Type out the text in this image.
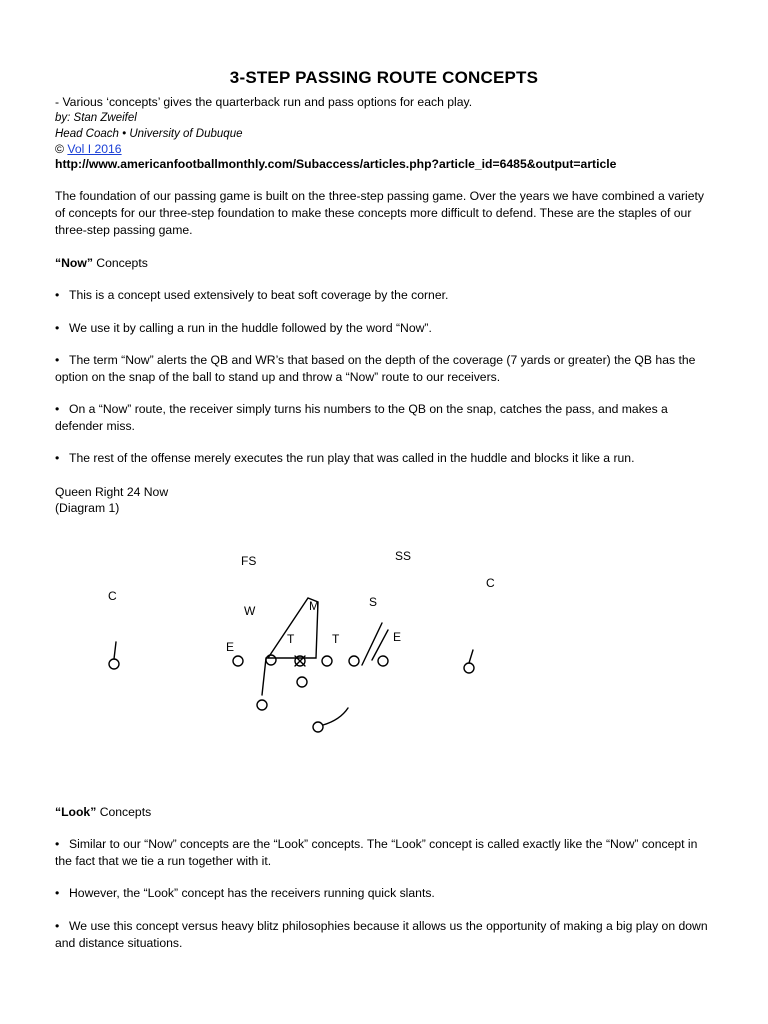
3-STEP PASSING ROUTE CONCEPTS
- Various ‘concepts’ gives the quarterback run and pass options for each play.
by: Stan Zweifel
Head Coach • University of Dubuque
© Vol I 2016
http://www.americanfootballmonthly.com/Subaccess/articles.php?article_id=6485&output=article
The foundation of our passing game is built on the three-step passing game. Over the years we have combined a variety of concepts for our three-step foundation to make these concepts more difficult to defend. These are the staples of our three-step passing game.
“Now” Concepts
• This is a concept used extensively to beat soft coverage by the corner.
• We use it by calling a run in the huddle followed by the word “Now”.
• The term “Now” alerts the QB and WR’s that based on the depth of the coverage (7 yards or greater) the QB has the option on the snap of the ball to stand up and throw a “Now” route to our receivers.
• On a “Now” route, the receiver simply turns his numbers to the QB on the snap, catches the pass, and makes a defender miss.
• The rest of the offense merely executes the run play that was called in the huddle and blocks it like a run.
Queen Right 24 Now
(Diagram 1)
FS	SS
C
C
W
S
E
E
T	T
M
“Look” Concepts
• Similar to our “Now” concepts are the “Look” concepts. The “Look” concept is called exactly like the “Now” concept in the fact that we tie a run together with it.
• However, the “Look” concept has the receivers running quick slants.
• We use this concept versus heavy blitz philosophies because it allows us the opportunity of making a big play on down and distance situations.
